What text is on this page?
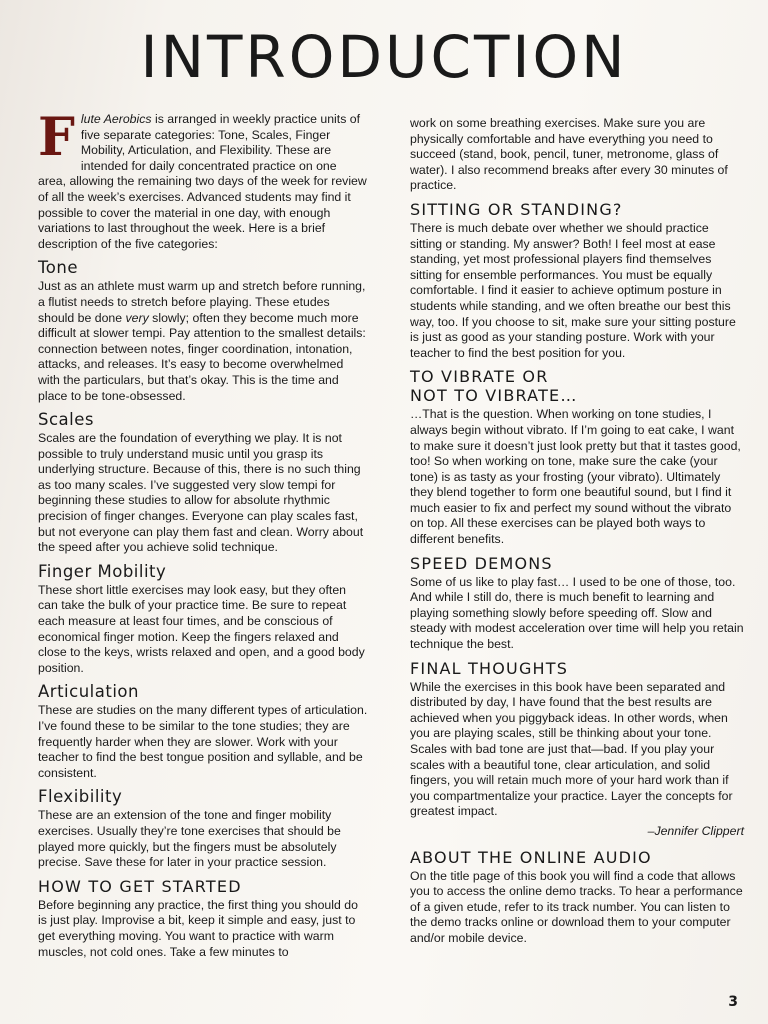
INTRODUCTION

Flute Aerobics is arranged in weekly practice units of five separate categories: Tone, Scales, Finger Mobility, Articulation, and Flexibility. These are intended for daily concentrated practice on one area, allowing the remaining two days of the week for review of all the week’s exercises. Advanced students may find it possible to cover the material in one day, with enough variations to last throughout the week. Here is a brief description of the five categories:

Tone

Just as an athlete must warm up and stretch before running, a flutist needs to stretch before playing. These etudes should be done very slowly; often they become much more difficult at slower tempi. Pay attention to the smallest details: connection between notes, finger coordination, intonation, attacks, and releases. It’s easy to become overwhelmed with the particulars, but that’s okay. This is the time and place to be tone-obsessed.

Scales

Scales are the foundation of everything we play. It is not possible to truly understand music until you grasp its underlying structure. Because of this, there is no such thing as too many scales. I’ve suggested very slow tempi for beginning these studies to allow for absolute rhythmic precision of finger changes. Everyone can play scales fast, but not everyone can play them fast and clean. Worry about the speed after you achieve solid technique.

Finger Mobility

These short little exercises may look easy, but they often can take the bulk of your practice time. Be sure to repeat each measure at least four times, and be conscious of economical finger motion. Keep the fingers relaxed and close to the keys, wrists relaxed and open, and a good body position.

Articulation

These are studies on the many different types of articulation. I’ve found these to be similar to the tone studies; they are frequently harder when they are slower. Work with your teacher to find the best tongue position and syllable, and be consistent.

Flexibility

These are an extension of the tone and finger mobility exercises. Usually they’re tone exercises that should be played more quickly, but the fingers must be absolutely precise. Save these for later in your practice session.

HOW TO GET STARTED

Before beginning any practice, the first thing you should do is just play. Improvise a bit, keep it simple and easy, just to get everything moving. You want to practice with warm muscles, not cold ones. Take a few minutes to

work on some breathing exercises. Make sure you are physically comfortable and have everything you need to succeed (stand, book, pencil, tuner, metronome, glass of water). I also recommend breaks after every 30 minutes of practice.

SITTING OR STANDING?

There is much debate over whether we should practice sitting or standing. My answer? Both! I feel most at ease standing, yet most professional players find themselves sitting for ensemble performances. You must be equally comfortable. I find it easier to achieve optimum posture in students while standing, and we often breathe our best this way, too. If you choose to sit, make sure your sitting posture is just as good as your standing posture. Work with your teacher to find the best position for you.

TO VIBRATE OR
NOT TO VIBRATE…

…That is the question. When working on tone studies, I always begin without vibrato. If I’m going to eat cake, I want to make sure it doesn’t just look pretty but that it tastes good, too! So when working on tone, make sure the cake (your tone) is as tasty as your frosting (your vibrato). Ultimately they blend together to form one beautiful sound, but I find it much easier to fix and perfect my sound without the vibrato on top. All these exercises can be played both ways to different benefits.

SPEED DEMONS

Some of us like to play fast… I used to be one of those, too. And while I still do, there is much benefit to learning and playing something slowly before speeding off. Slow and steady with modest acceleration over time will help you retain technique the best.

FINAL THOUGHTS

While the exercises in this book have been separated and distributed by day, I have found that the best results are achieved when you piggyback ideas. In other words, when you are playing scales, still be thinking about your tone. Scales with bad tone are just that—bad. If you play your scales with a beautiful tone, clear articulation, and solid fingers, you will retain much more of your hard work than if you compartmentalize your practice. Layer the concepts for greatest impact.

–Jennifer Clippert

ABOUT THE ONLINE AUDIO

On the title page of this book you will find a code that allows you to access the online demo tracks. To hear a performance of a given etude, refer to its track number. You can listen to the demo tracks online or download them to your computer and/or mobile device.

3
